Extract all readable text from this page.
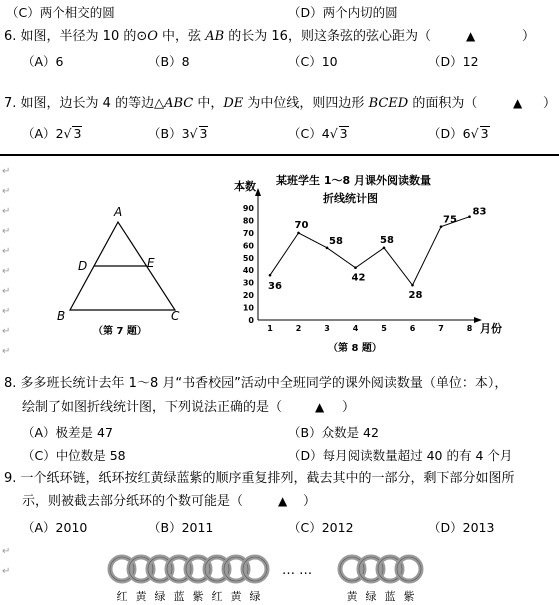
（C）两个相交的圆	（D）两个内切的圆
6. 如图，半径为 10 的⊙O 中，弦 AB 的长为 16，则这条弦的弦心距为（	▲	）
（A）6	（B）8	（C）10	（D）12
7. 如图，边长为 4 的等边△ABC 中，DE 为中位线，则四边形 BCED 的面积为（	▲ ）
（A）2√ 3	（B）3√ 3	（C）4√ 3	（D）6√ 3
A
B	C
D	E
（第 7 题）
某班学生 1～8 月课外阅读数量
折线统计图
本数
月份
（第 8 题）
0
10
20
30
40
50
60
70
80
90
1	2	3	4	5	6	7	8
36
70
58
42
58
28
75
83
8. 多多班长统计去年 1～8 月“书香校园”活动中全班同学的课外阅读数量（单位：本），
绘制了如图折线统计图，下列说法正确的是（	▲ ）
（A）极差是 47	（B）众数是 42
（C）中位数是 58	（D）每月阅读数量超过 40 的有 4 个月
9. 一个纸环链，纸环按红黄绿蓝紫的顺序重复排列，截去其中的一部分，剩下部分如图所
示，则被截去部分纸环的个数可能是（	▲ ）
（A）2010	（B）2011	（C）2012	（D）2013
红 黄 绿 蓝 紫 红 黄 绿
… …
黄 绿 蓝 紫
↵
↵
↵
↵
↵
↵
↵
↵
↵
↵
↵
↵
